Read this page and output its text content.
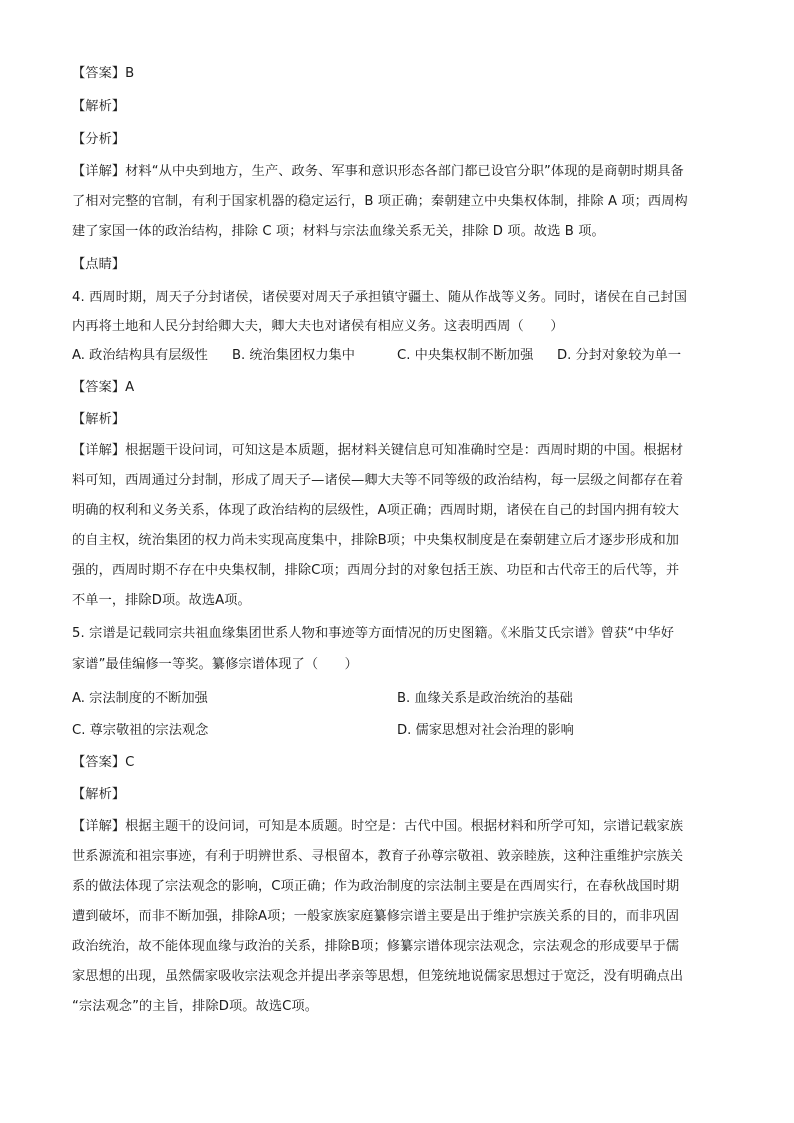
【答案】B
【解析】
【分析】
【详解】材料“从中央到地方，生产、政务、军事和意识形态各部门都已设官分职”体现的是商朝时期具备
了相对完整的官制，有利于国家机器的稳定运行，B 项正确；秦朝建立中央集权体制，排除 A 项；西周构
建了家国一体的政治结构，排除 C 项；材料与宗法血缘关系无关，排除 D 项。故选 B 项。
【点睛】
4. 西周时期，周天子分封诸侯，诸侯要对周天子承担镇守疆土、随从作战等义务。同时，诸侯在自己封国
内再将土地和人民分封给卿大夫，卿大夫也对诸侯有相应义务。这表明西周（　　）
A. 政治结构具有层级性 B. 统治集团权力集中	C. 中央集权制不断加强 D. 分封对象较为单一
【答案】A
【解析】
【详解】根据题干设问词，可知这是本质题，据材料关键信息可知准确时空是：西周时期的中国。根据材
料可知，西周通过分封制，形成了周天子—诸侯—卿大夫等不同等级的政治结构，每一层级之间都存在着
明确的权利和义务关系，体现了政治结构的层级性，A项正确；西周时期，诸侯在自己的封国内拥有较大
的自主权，统治集团的权力尚未实现高度集中，排除B项；中央集权制度是在秦朝建立后才逐步形成和加
强的，西周时期不存在中央集权制，排除C项；西周分封的对象包括王族、功臣和古代帝王的后代等，并
不单一，排除D项。故选A项。
5. 宗谱是记载同宗共祖血缘集团世系人物和事迹等方面情况的历史图籍。《米脂艾氏宗谱》曾获“中华好
家谱”最佳编修一等奖。纂修宗谱体现了（　　）
A. 宗法制度的不断加强	B. 血缘关系是政治统治的基础
C. 尊宗敬祖的宗法观念	D. 儒家思想对社会治理的影响
【答案】C
【解析】
【详解】根据主题干的设问词，可知是本质题。时空是：古代中国。根据材料和所学可知，宗谱记载家族
世系源流和祖宗事迹，有利于明辨世系、寻根留本，教育子孙尊宗敬祖、敦亲睦族，这种注重维护宗族关
系的做法体现了宗法观念的影响，C项正确；作为政治制度的宗法制主要是在西周实行，在春秋战国时期
遭到破坏，而非不断加强，排除A项；一般家族家庭纂修宗谱主要是出于维护宗族关系的目的，而非巩固
政治统治，故不能体现血缘与政治的关系，排除B项；修纂宗谱体现宗法观念，宗法观念的形成要早于儒
家思想的出现，虽然儒家吸收宗法观念并提出孝亲等思想，但笼统地说儒家思想过于宽泛，没有明确点出
“宗法观念”的主旨，排除D项。故选C项。
